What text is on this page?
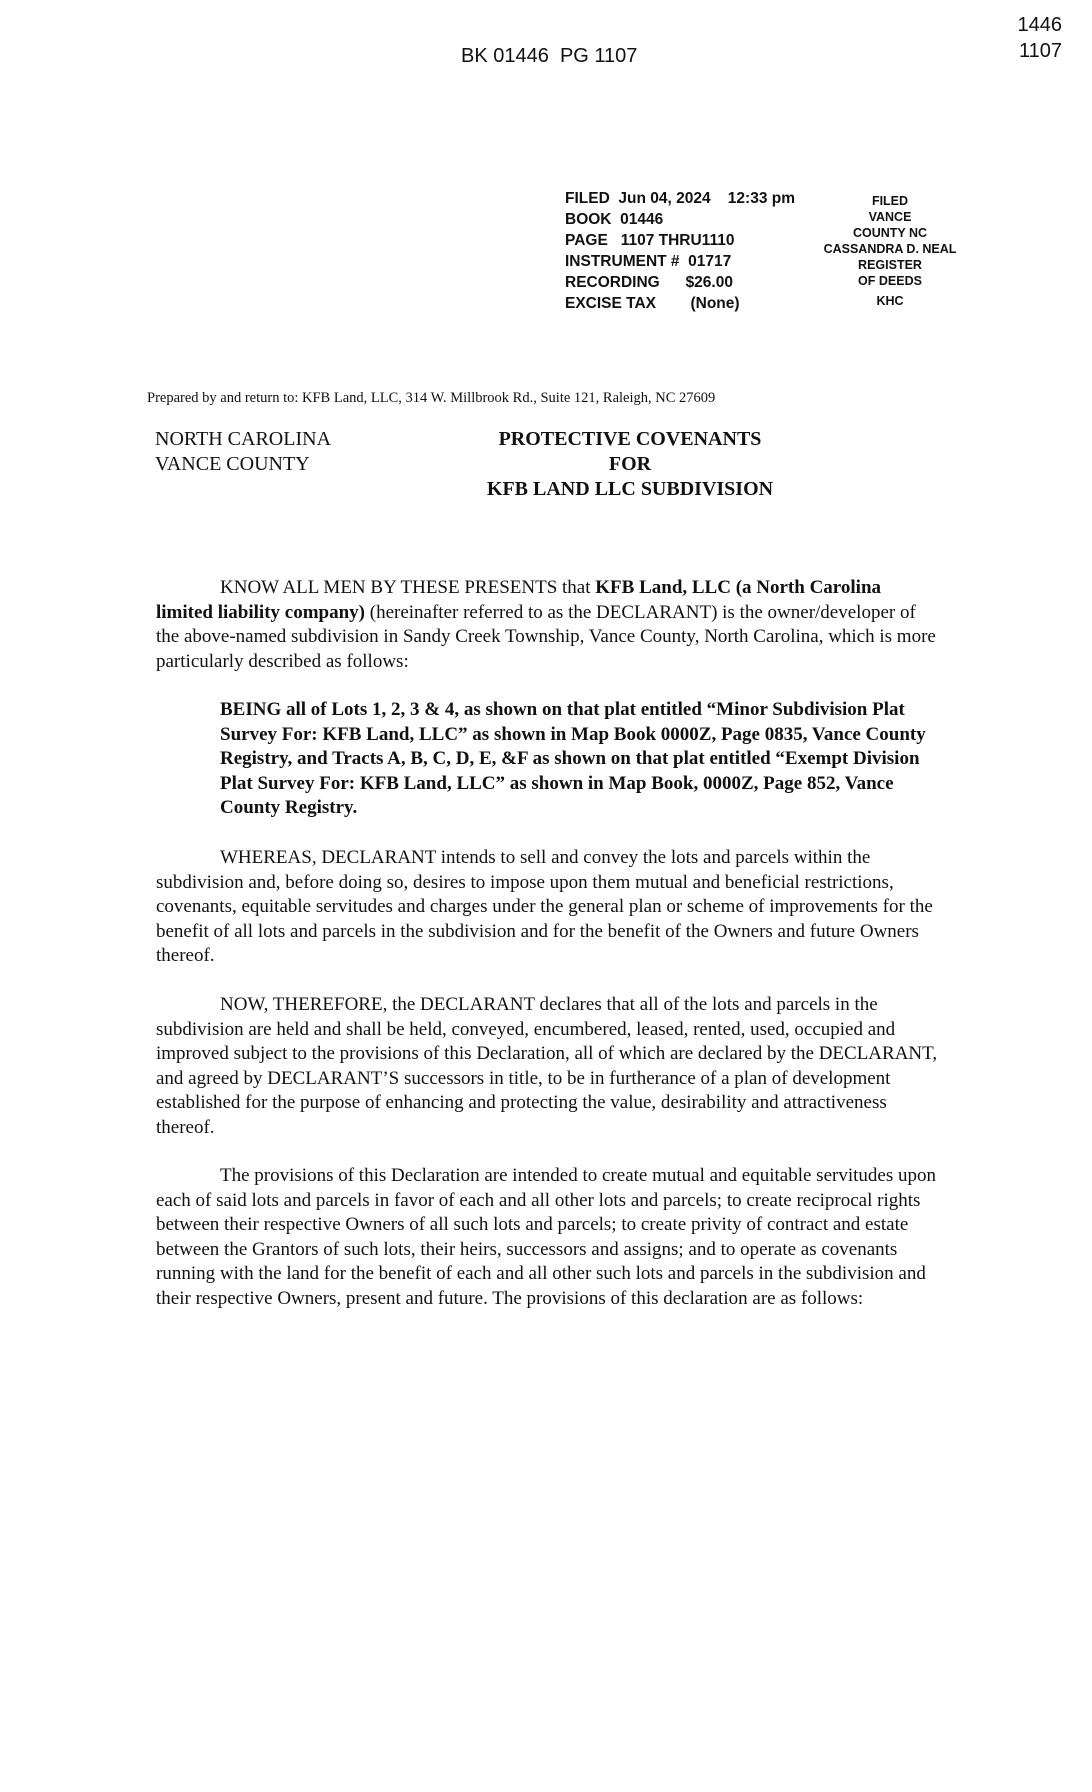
1446
1107
BK 01446  PG 1107
FILED  Jun 04, 2024    12:33 pm
BOOK  01446
PAGE   1107 THRU1110
INSTRUMENT #  01717
RECORDING      $26.00
EXCISE TAX        (None)
FILED
VANCE
COUNTY NC
CASSANDRA D. NEAL
REGISTER
OF DEEDS
KHC
Prepared by and return to: KFB Land, LLC, 314 W. Millbrook Rd., Suite 121, Raleigh, NC 27609
NORTH CAROLINA
VANCE COUNTY
PROTECTIVE COVENANTS
FOR
KFB LAND LLC SUBDIVISION
KNOW ALL MEN BY THESE PRESENTS that KFB Land, LLC (a North Carolina limited liability company) (hereinafter referred to as the DECLARANT) is the owner/developer of the above-named subdivision in Sandy Creek Township, Vance County, North Carolina, which is more particularly described as follows:
BEING all of Lots 1, 2, 3 & 4, as shown on that plat entitled “Minor Subdivision Plat Survey For: KFB Land, LLC” as shown in Map Book 0000Z, Page 0835, Vance County Registry, and Tracts A, B, C, D, E, &F as shown on that plat entitled “Exempt Division Plat Survey For: KFB Land, LLC” as shown in Map Book, 0000Z, Page 852, Vance County Registry.
WHEREAS, DECLARANT intends to sell and convey the lots and parcels within the subdivision and, before doing so, desires to impose upon them mutual and beneficial restrictions, covenants, equitable servitudes and charges under the general plan or scheme of improvements for the benefit of all lots and parcels in the subdivision and for the benefit of the Owners and future Owners thereof.
NOW, THEREFORE, the DECLARANT declares that all of the lots and parcels in the subdivision are held and shall be held, conveyed, encumbered, leased, rented, used, occupied and improved subject to the provisions of this Declaration, all of which are declared by the DECLARANT, and agreed by DECLARANT’S successors in title, to be in furtherance of a plan of development established for the purpose of enhancing and protecting the value, desirability and attractiveness thereof.
The provisions of this Declaration are intended to create mutual and equitable servitudes upon each of said lots and parcels in favor of each and all other lots and parcels; to create reciprocal rights between their respective Owners of all such lots and parcels; to create privity of contract and estate between the Grantors of such lots, their heirs, successors and assigns; and to operate as covenants running with the land for the benefit of each and all other such lots and parcels in the subdivision and their respective Owners, present and future. The provisions of this declaration are as follows:
